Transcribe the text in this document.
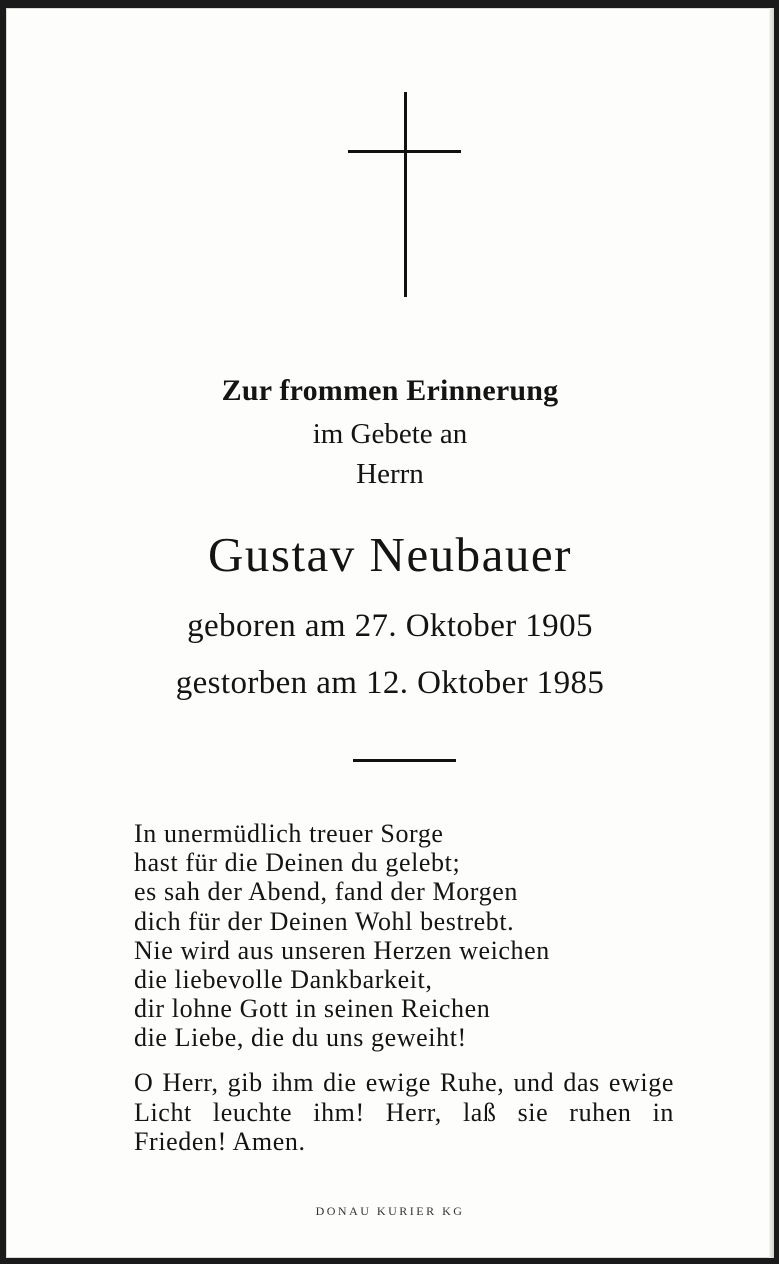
Zur frommen Erinnerung
im Gebete an
Herrn
Gustav Neubauer
geboren am 27. Oktober 1905
gestorben am 12. Oktober 1985
In unermüdlich treuer Sorge
hast für die Deinen du gelebt;
es sah der Abend, fand der Morgen
dich für der Deinen Wohl bestrebt.
Nie wird aus unseren Herzen weichen
die liebevolle Dankbarkeit,
dir lohne Gott in seinen Reichen
die Liebe, die du uns geweiht!
O Herr, gib ihm die ewige Ruhe, und das ewige Licht leuchte ihm! Herr, laß sie ruhen in Frieden! Amen.
DONAU KURIER KG
